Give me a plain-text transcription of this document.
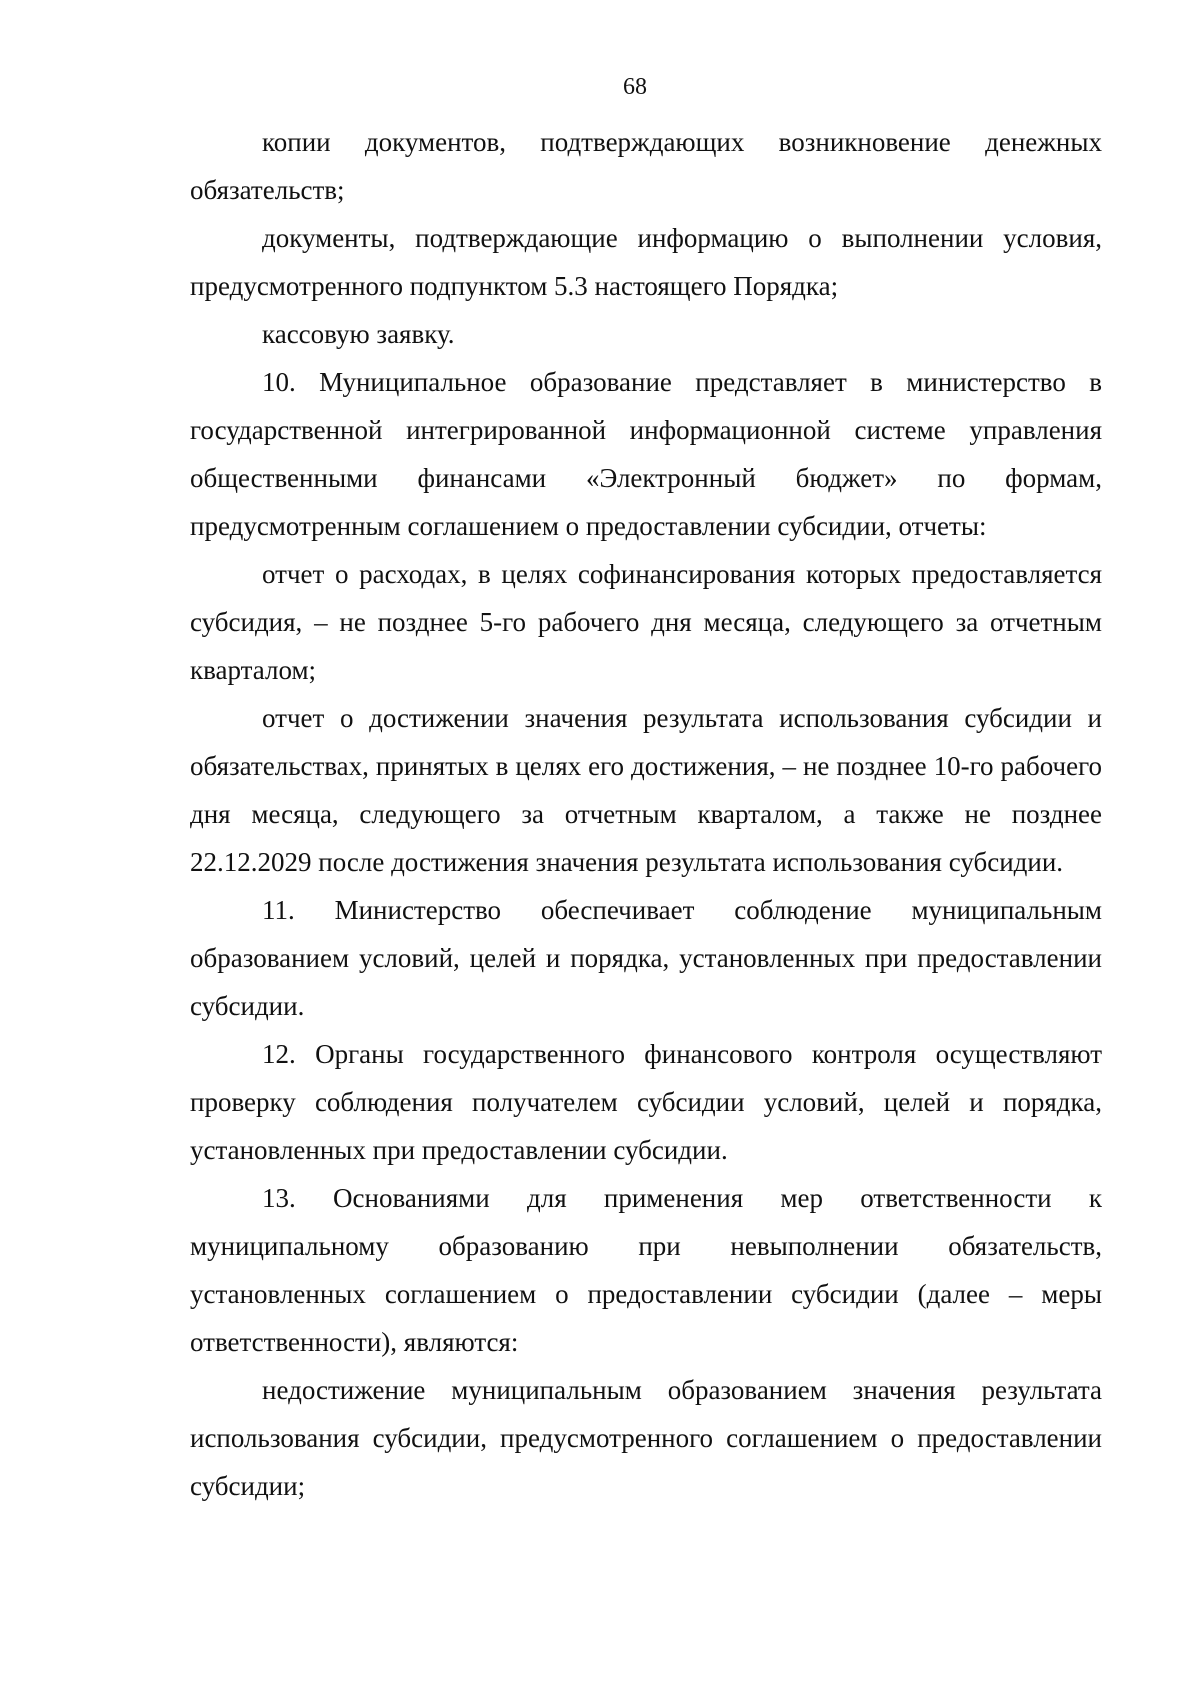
68

копии документов, подтверждающих возникновение денежных обязательств;

документы, подтверждающие информацию о выполнении условия, предусмотренного подпунктом 5.3 настоящего Порядка;

кассовую заявку.

10. Муниципальное образование представляет в министерство в государственной интегрированной информационной системе управления общественными финансами «Электронный бюджет» по формам, предусмотренным соглашением о предоставлении субсидии, отчеты:

отчет о расходах, в целях софинансирования которых предоставляется субсидия, – не позднее 5-го рабочего дня месяца, следующего за отчетным кварталом;

отчет о достижении значения результата использования субсидии и обязательствах, принятых в целях его достижения, – не позднее 10-го рабочего дня месяца, следующего за отчетным кварталом, а также не позднее 22.12.2029 после достижения значения результата использования субсидии.

11. Министерство обеспечивает соблюдение муниципальным образованием условий, целей и порядка, установленных при предоставлении субсидии.

12. Органы государственного финансового контроля осуществляют проверку соблюдения получателем субсидии условий, целей и порядка, установленных при предоставлении субсидии.

13. Основаниями для применения мер ответственности к муниципальному образованию при невыполнении обязательств, установленных соглашением о предоставлении субсидии (далее – меры ответственности), являются:

недостижение муниципальным образованием значения результата использования субсидии, предусмотренного соглашением о предоставлении субсидии;
